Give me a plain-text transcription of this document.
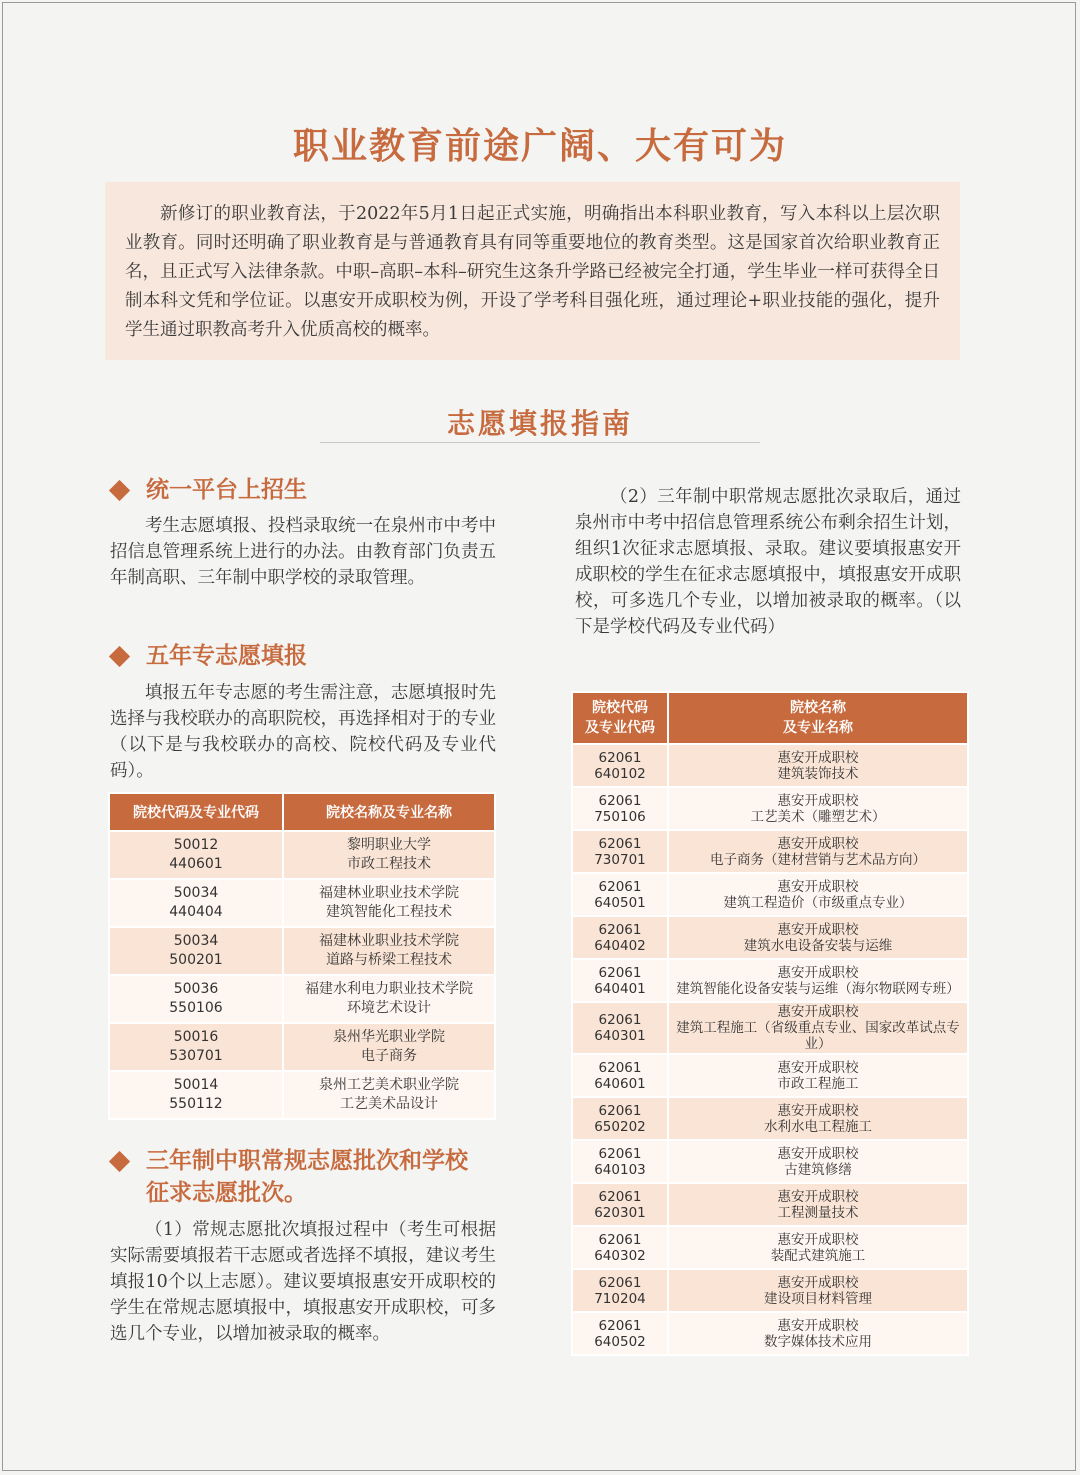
职业教育前途广阔、大有可为

新修订的职业教育法，于2022年5月1日起正式实施，明确指出本科职业教育，写入本科以上层次职业教育。同时还明确了职业教育是与普通教育具有同等重要地位的教育类型。这是国家首次给职业教育正名，且正式写入法律条款。中职–高职–本科–研究生这条升学路已经被完全打通，学生毕业一样可获得全日制本科文凭和学位证。以惠安开成职校为例，开设了学考科目强化班，通过理论+职业技能的强化，提升学生通过职教高考升入优质高校的概率。

志愿填报指南
统一平台上招生

考生志愿填报、投档录取统一在泉州市中考中招信息管理系统上进行的办法。由教育部门负责五年制高职、三年制中职学校的录取管理。

五年专志愿填报

填报五年专志愿的考生需注意，志愿填报时先选择与我校联办的高职院校，再选择相对于的专业（以下是与我校联办的高校、院校代码及专业代码）。

院校代码及专业代码	院校名称及专业名称

50012
440601	黎明职业大学
市政工程技术

50034
440404	福建林业职业技术学院
建筑智能化工程技术

50034
500201	福建林业职业技术学院
道路与桥梁工程技术

50036
550106	福建水利电力职业技术学院
环境艺术设计

50016
530701	泉州华光职业学院
电子商务

50014
550112	泉州工艺美术职业学院
工艺美术品设计
三年制中职常规志愿批次和学校
征求志愿批次。

（1）常规志愿批次填报过程中（考生可根据实际需要填报若干志愿或者选择不填报，建议考生填报10个以上志愿）。建议要填报惠安开成职校的学生在常规志愿填报中，填报惠安开成职校，可多选几个专业，以增加被录取的概率。

（2）三年制中职常规志愿批次录取后，通过泉州市中考中招信息管理系统公布剩余招生计划，组织1次征求志愿填报、录取。建议要填报惠安开成职校的学生在征求志愿填报中，填报惠安开成职校，可多选几个专业，以增加被录取的概率。（以下是学校代码及专业代码）

院校代码
及专业代码	院校名称
及专业名称

62061
640102	惠安开成职校
建筑装饰技术

62061
750106	惠安开成职校
工艺美术（雕塑艺术）

62061
730701	惠安开成职校
电子商务（建材营销与艺术品方向）

62061
640501	惠安开成职校
建筑工程造价（市级重点专业）

62061
640402	惠安开成职校
建筑水电设备安装与运维

62061
640401	惠安开成职校
建筑智能化设备安装与运维（海尔物联网专班）

62061
640301	惠安开成职校
建筑工程施工（省级重点专业、国家改革试点专业）

62061
640601	惠安开成职校
市政工程施工

62061
650202	惠安开成职校
水利水电工程施工

62061
640103	惠安开成职校
古建筑修缮

62061
620301	惠安开成职校
工程测量技术

62061
640302	惠安开成职校
装配式建筑施工

62061
710204	惠安开成职校
建设项目材料管理

62061
640502	惠安开成职校
数字媒体技术应用
